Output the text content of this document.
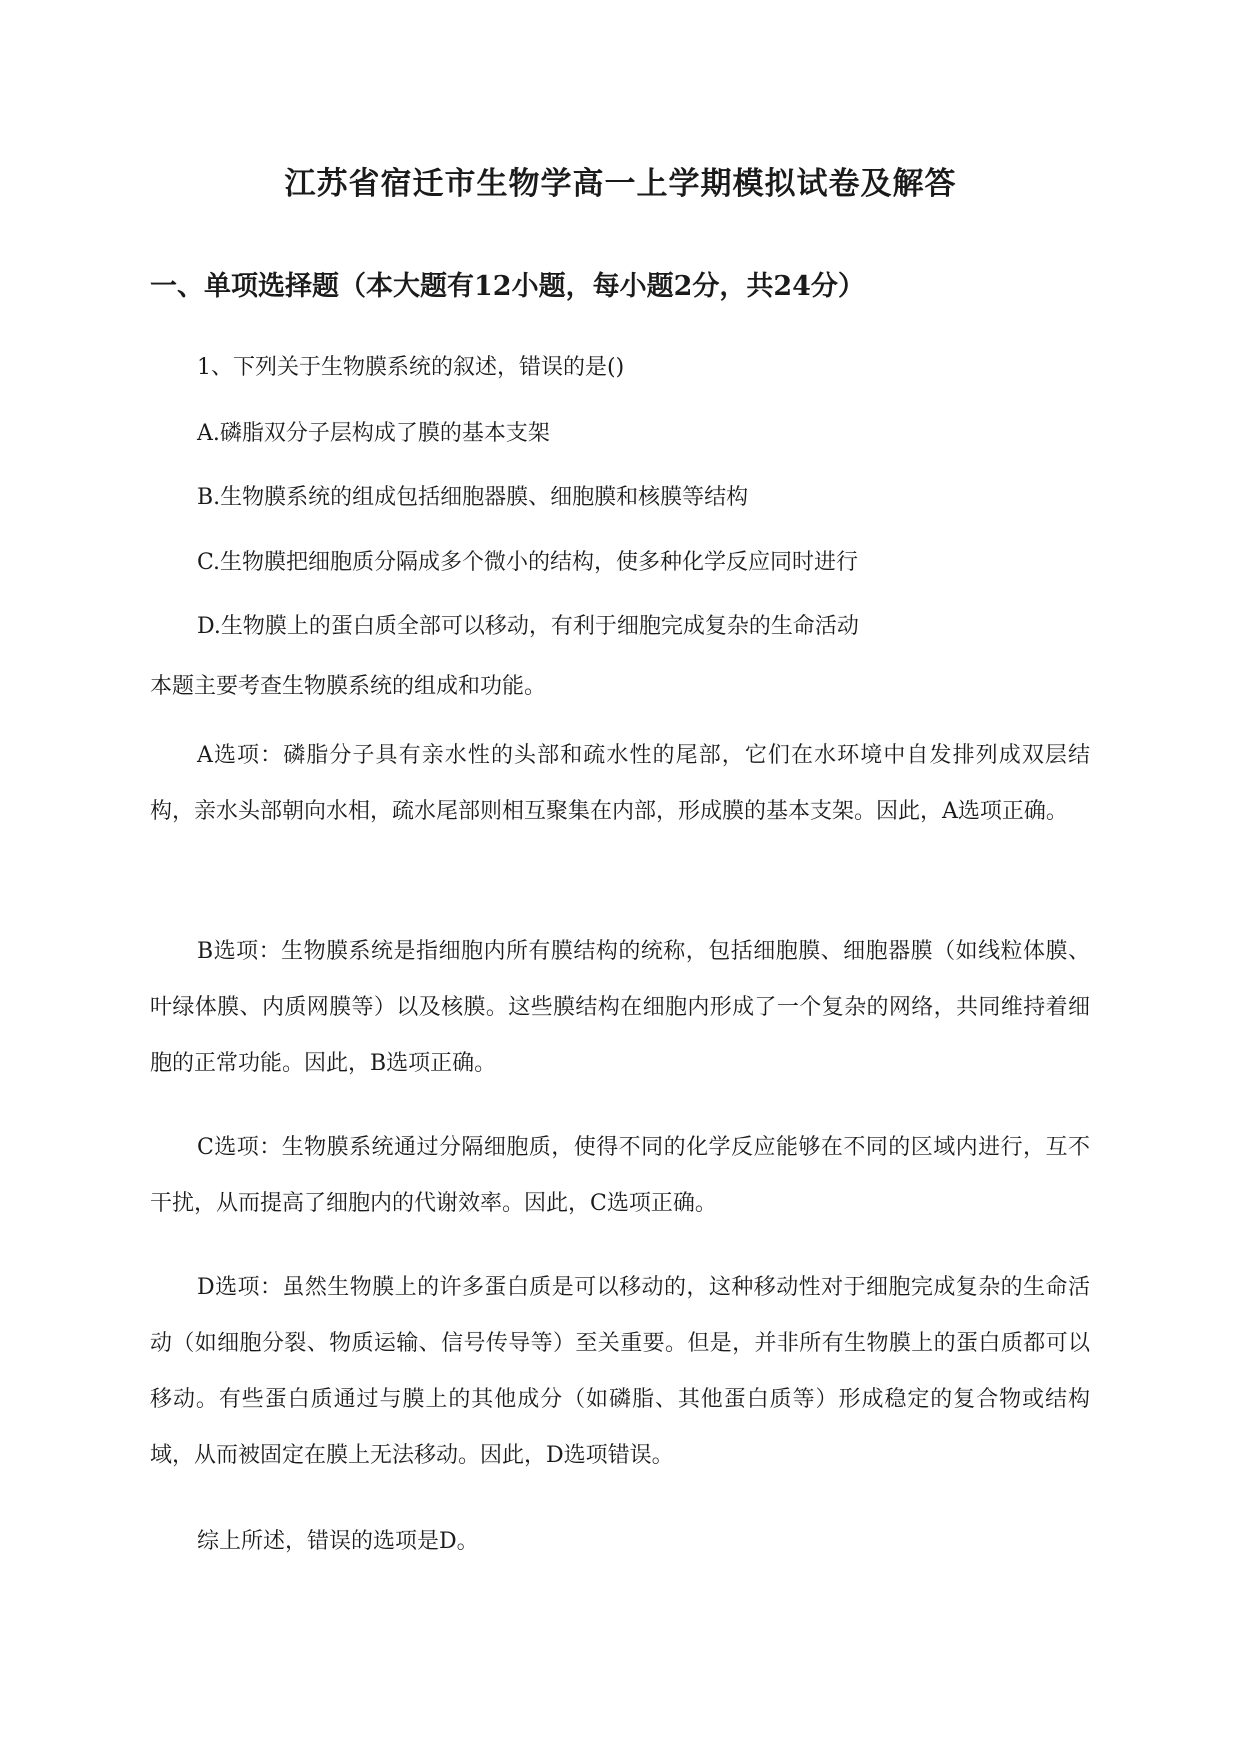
江苏省宿迁市生物学高一上学期模拟试卷及解答
一、单项选择题（本大题有12小题，每小题2分，共24分）

1、下列关于生物膜系统的叙述，错误的是()

A.磷脂双分子层构成了膜的基本支架

B.生物膜系统的组成包括细胞器膜、细胞膜和核膜等结构

C.生物膜把细胞质分隔成多个微小的结构，使多种化学反应同时进行

D.生物膜上的蛋白质全部可以移动，有利于细胞完成复杂的生命活动

本题主要考查生物膜系统的组成和功能。

A选项：磷脂分子具有亲水性的头部和疏水性的尾部，它们在水环境中自发排列成双层结构，亲水头部朝向水相，疏水尾部则相互聚集在内部，形成膜的基本支架。因此，A选项正确。

B选项：生物膜系统是指细胞内所有膜结构的统称，包括细胞膜、细胞器膜（如线粒体膜、叶绿体膜、内质网膜等）以及核膜。这些膜结构在细胞内形成了一个复杂的网络，共同维持着细胞的正常功能。因此，B选项正确。

C选项：生物膜系统通过分隔细胞质，使得不同的化学反应能够在不同的区域内进行，互不干扰，从而提高了细胞内的代谢效率。因此，C选项正确。

D选项：虽然生物膜上的许多蛋白质是可以移动的，这种移动性对于细胞完成复杂的生命活动（如细胞分裂、物质运输、信号传导等）至关重要。但是，并非所有生物膜上的蛋白质都可以移动。有些蛋白质通过与膜上的其他成分（如磷脂、其他蛋白质等）形成稳定的复合物或结构域，从而被固定在膜上无法移动。因此，D选项错误。

综上所述，错误的选项是D。
